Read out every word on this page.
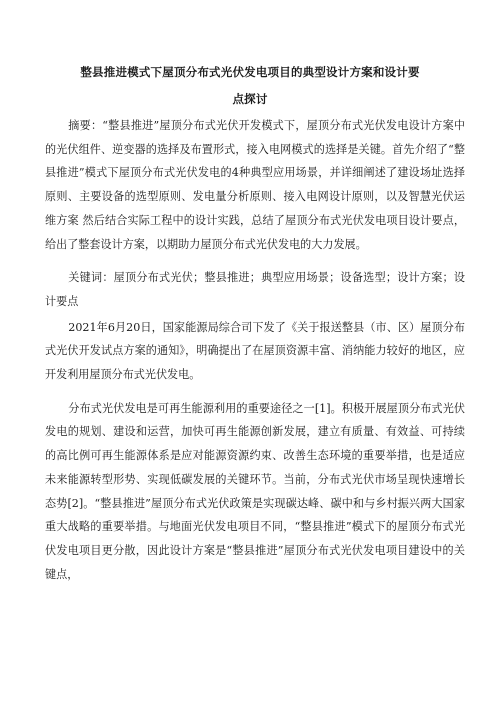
整县推进模式下屋顶分布式光伏发电项目的典型设计方案和设计要
点探讨

摘要：“整县推进”屋顶分布式光伏开发模式下，屋顶分布式光伏发电设计方案中的光伏组件、逆变器的选择及布置形式，接入电网模式的选择是关键。首先介绍了“整县推进”模式下屋顶分布式光伏发电的4种典型应用场景，并详细阐述了建设场址选择原则、主要设备的选型原则、发电量分析原则、接入电网设计原则，以及智慧光伏运维方案 然后结合实际工程中的设计实践，总结了屋顶分布式光伏发电项目设计要点，给出了整套设计方案，以期助力屋顶分布式光伏发电的大力发展。

关键词：屋顶分布式光伏；整县推进；典型应用场景；设备选型；设计方案；设计要点

2021年6月20日，国家能源局综合司下发了《关于报送整县（市、区）屋顶分布式光伏开发试点方案的通知》，明确提出了在屋顶资源丰富、消纳能力较好的地区，应开发利用屋顶分布式光伏发电。

分布式光伏发电是可再生能源利用的重要途径之一[1]。积极开展屋顶分布式光伏发电的规划、建设和运营，加快可再生能源创新发展，建立有质量、有效益、可持续的高比例可再生能源体系是应对能源资源约束、改善生态环境的重要举措，也是适应未来能源转型形势、实现低碳发展的关键环节。当前，分布式光伏市场呈现快速增长态势[2]。“整县推进”屋顶分布式光伏政策是实现碳达峰、碳中和与乡村振兴两大国家重大战略的重要举措。与地面光伏发电项目不同，“整县推进”模式下的屋顶分布式光伏发电项目更分散，因此设计方案是“整县推进”屋顶分布式光伏发电项目建设中的关键点，
